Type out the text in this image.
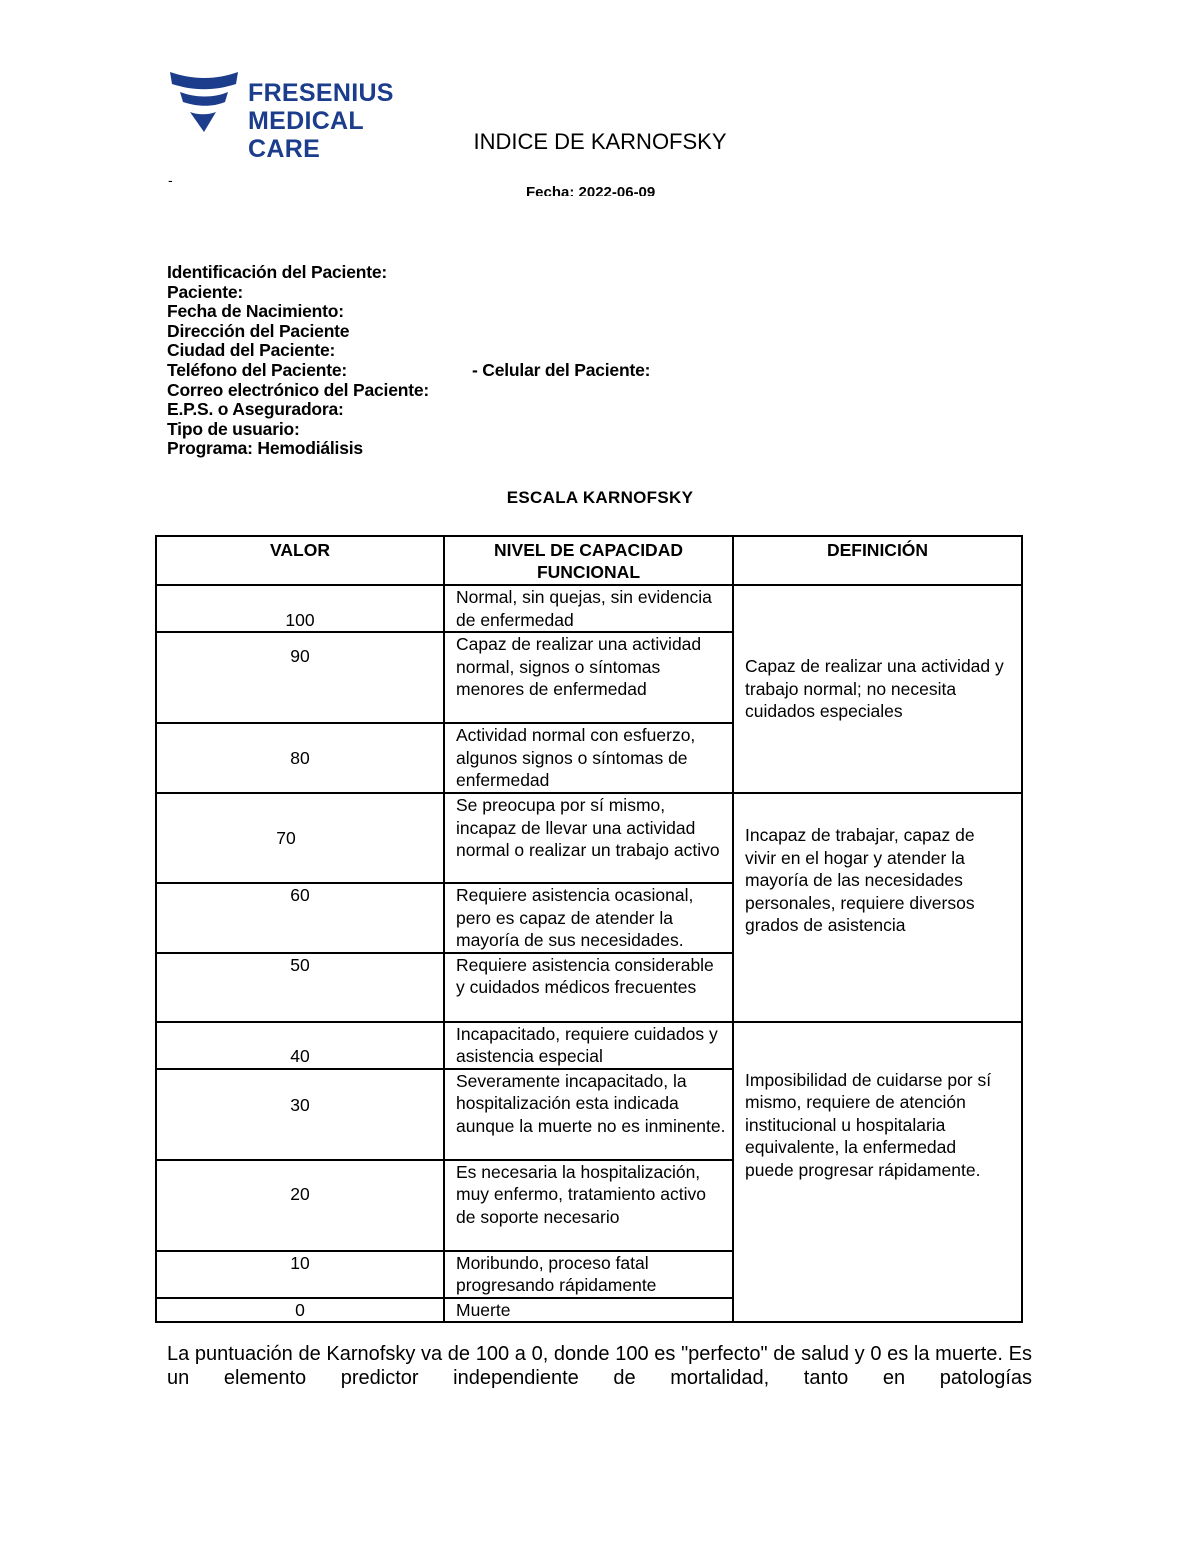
FRESENIUS
MEDICAL CARE	INDICE DE KARNOFSKY
-
Fecha: 2022-06-09
Identificación del Paciente:
Paciente:
Fecha de Nacimiento:
Dirección del Paciente
Ciudad del Paciente:
Teléfono del Paciente:	- Celular del Paciente:
Correo electrónico del Paciente:
E.P.S. o Aseguradora:
Tipo de usuario:
Programa: Hemodiálisis
ESCALA KARNOFSKY
VALOR	NIVEL DE CAPACIDAD FUNCIONAL	DEFINICIÓN
100	Normal, sin quejas, sin evidencia de enfermedad	Capaz de realizar una actividad y trabajo normal; no necesita cuidados especiales
90	Capaz de realizar una actividad normal, signos o síntomas menores de enfermedad	
80	Actividad normal con esfuerzo, algunos signos o síntomas de enfermedad	
70	Se preocupa por sí mismo, incapaz de llevar una actividad normal o realizar un trabajo activo	Incapaz de trabajar, capaz de vivir en el hogar y atender la mayoría de las necesidades personales, requiere diversos grados de asistencia
60	Requiere asistencia ocasional, pero es capaz de atender la mayoría de sus necesidades.	
50	Requiere asistencia considerable y cuidados médicos frecuentes	
40	Incapacitado, requiere cuidados y asistencia especial	Imposibilidad de cuidarse por sí mismo, requiere de atención institucional u hospitalaria equivalente, la enfermedad puede progresar rápidamente.
30	Severamente incapacitado, la hospitalización esta indicada aunque la muerte no es inminente.	
20	Es necesaria la hospitalización, muy enfermo, tratamiento activo de soporte necesario	
10	Moribundo, proceso fatal progresando rápidamente	
0	Muerte	
La puntuación de Karnofsky va de 100 a 0, donde 100 es "perfecto" de salud y 0 es la muerte. Es un elemento predictor independiente de mortalidad, tanto en patologías
